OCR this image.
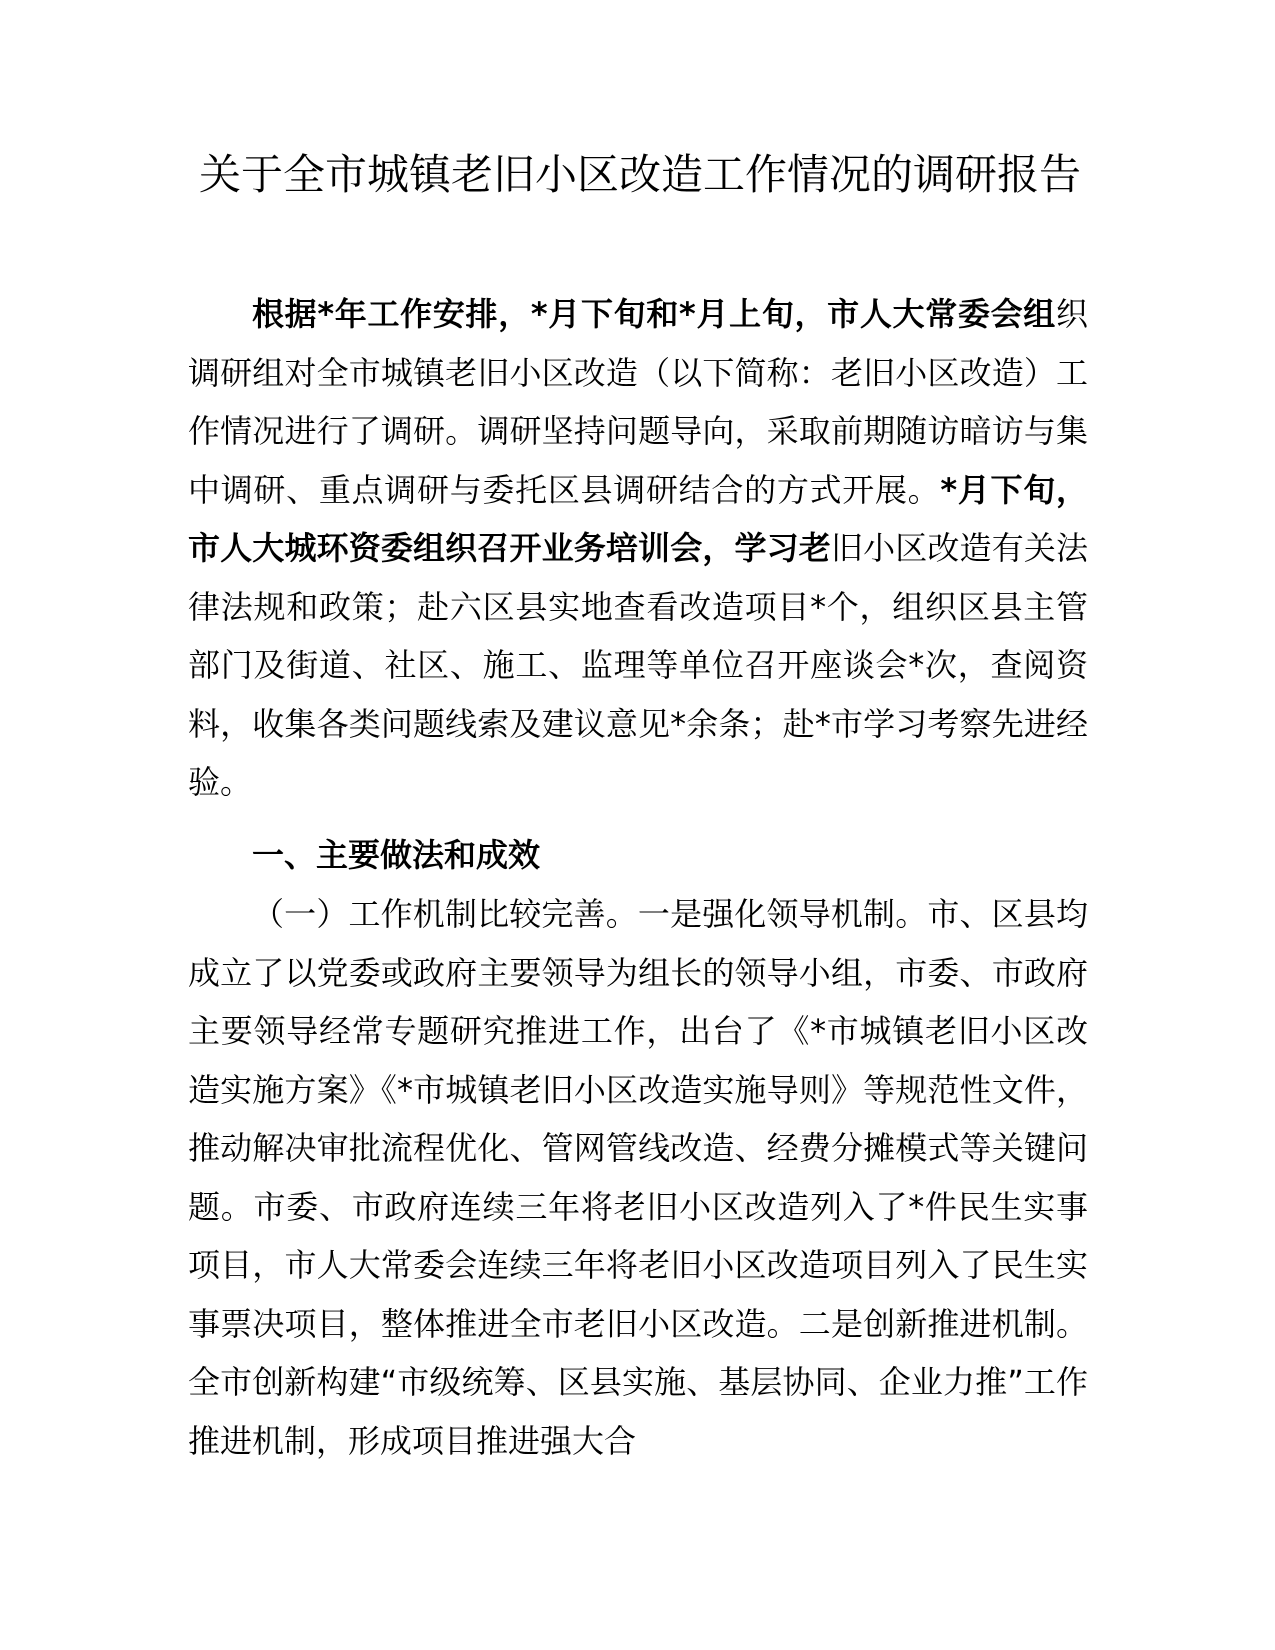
关于全市城镇老旧小区改造工作情况的调研报告

根据*年工作安排，*月下旬和*月上旬，市人大常委会组织调研组对全市城镇老旧小区改造（以下简称：老旧小区改造）工作情况进行了调研。调研坚持问题导向，采取前期随访暗访与集中调研、重点调研与委托区县调研结合的方式开展。*月下旬，市人大城环资委组织召开业务培训会，学习老旧小区改造有关法律法规和政策；赴六区县实地查看改造项目*个，组织区县主管部门及街道、社区、施工、监理等单位召开座谈会*次，查阅资料，收集各类问题线索及建议意见*余条；赴*市学习考察先进经验。

一、主要做法和成效

（一）工作机制比较完善。一是强化领导机制。市、区县均成立了以党委或政府主要领导为组长的领导小组，市委、市政府主要领导经常专题研究推进工作，出台了《*市城镇老旧小区改造实施方案》《*市城镇老旧小区改造实施导则》等规范性文件，推动解决审批流程优化、管网管线改造、经费分摊模式等关键问题。市委、市政府连续三年将老旧小区改造列入了*件民生实事项目，市人大常委会连续三年将老旧小区改造项目列入了民生实事票决项目，整体推进全市老旧小区改造。二是创新推进机制。全市创新构建“市级统筹、区县实施、基层协同、企业力推”工作推进机制，形成项目推进强大合
